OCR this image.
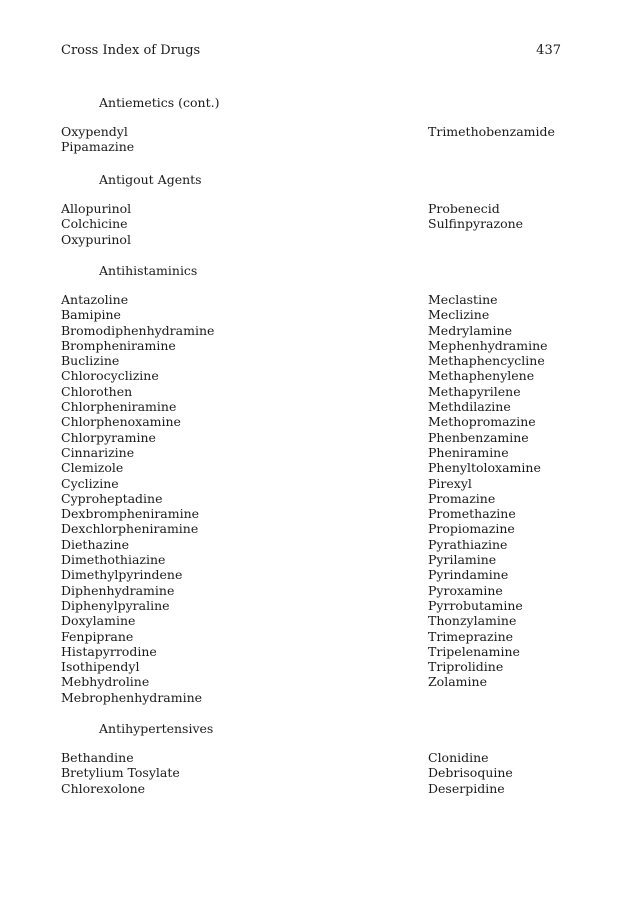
Cross Index of Drugs	437
Antiemetics (cont.)
Oxypendyl
Pipamazine
Trimethobenzamide
Antigout Agents
Allopurinol
Colchicine
Oxypurinol
Probenecid
Sulfinpyrazone
Antihistaminics
Antazoline
Bamipine
Bromodiphenhydramine
Brompheniramine
Buclizine
Chlorocyclizine
Chlorothen
Chlorpheniramine
Chlorphenoxamine
Chlorpyramine
Cinnarizine
Clemizole
Cyclizine
Cyproheptadine
Dexbrompheniramine
Dexchlorpheniramine
Diethazine
Dimethothiazine
Dimethylpyrindene
Diphenhydramine
Diphenylpyraline
Doxylamine
Fenpiprane
Histapyrrodine
Isothipendyl
Mebhydroline
Mebrophenhydramine
Meclastine
Meclizine
Medrylamine
Mephenhydramine
Methaphencycline
Methaphenylene
Methapyrilene
Methdilazine
Methopromazine
Phenbenzamine
Pheniramine
Phenyltoloxamine
Pirexyl
Promazine
Promethazine
Propiomazine
Pyrathiazine
Pyrilamine
Pyrindamine
Pyroxamine
Pyrrobutamine
Thonzylamine
Trimeprazine
Tripelenamine
Triprolidine
Zolamine
Antihypertensives
Bethandine
Bretylium Tosylate
Chlorexolone
Clonidine
Debrisoquine
Deserpidine
